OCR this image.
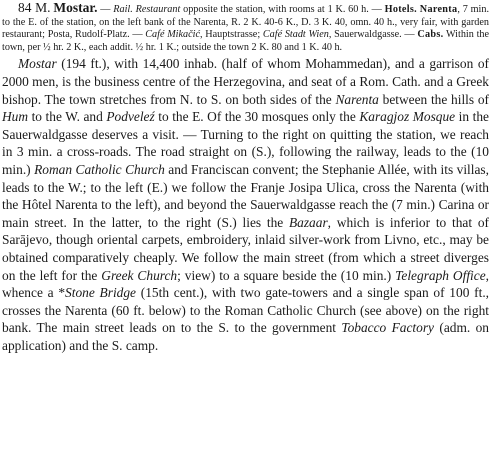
84 M. Mostar. — Rail. Restaurant opposite the station, with rooms at 1 K. 60 h. — Hotels. Narenta, 7 min. to the E. of the station, on the left bank of the Narenta, R. 2 K. 40-6 K., D. 3 K. 40, omn. 40 h., very fair, with garden restaurant; Posta, Rudolf-Platz. — Café Mikačić, Hauptstrasse; Café Stadt Wien, Sauerwaldgasse. — Cabs. Within the town, per ½ hr. 2 K., each addit. ½ hr. 1 K.; outside the town 2 K. 80 and 1 K. 40 h.

Mostar (194 ft.), with 14,400 inhab. (half of whom Mohammedan), and a garrison of 2000 men, is the business centre of the Herzegovina, and seat of a Rom. Cath. and a Greek bishop. The town stretches from N. to S. on both sides of the Narenta between the hills of Hum to the W. and Podveleź to the E. Of the 30 mosques only the Karagjoz Mosque in the Sauerwaldgasse deserves a visit. — Turning to the right on quitting the station, we reach in 3 min. a cross-roads. The road straight on (S.), following the railway, leads to the (10 min.) Roman Catholic Church and Franciscan convent; the Stephanie Allée, with its villas, leads to the W.; to the left (E.) we follow the Franje Josipa Ulica, cross the Narenta (with the Hôtel Narenta to the left), and beyond the Sauerwaldgasse reach the (7 min.) Carina or main street. In the latter, to the right (S.) lies the Bazaar, which is inferior to that of Sarājevo, though oriental carpets, embroidery, inlaid silver-work from Livno, etc., may be obtained comparatively cheaply. We follow the main street (from which a street diverges on the left for the Greek Church; view) to a square beside the (10 min.) Telegraph Office, whence a *Stone Bridge (15th cent.), with two gate-towers and a single span of 100 ft., crosses the Narenta (60 ft. below) to the Roman Catholic Church (see above) on the right bank. The main street leads on to the S. to the government Tobacco Factory (adm. on application) and the S. camp.
